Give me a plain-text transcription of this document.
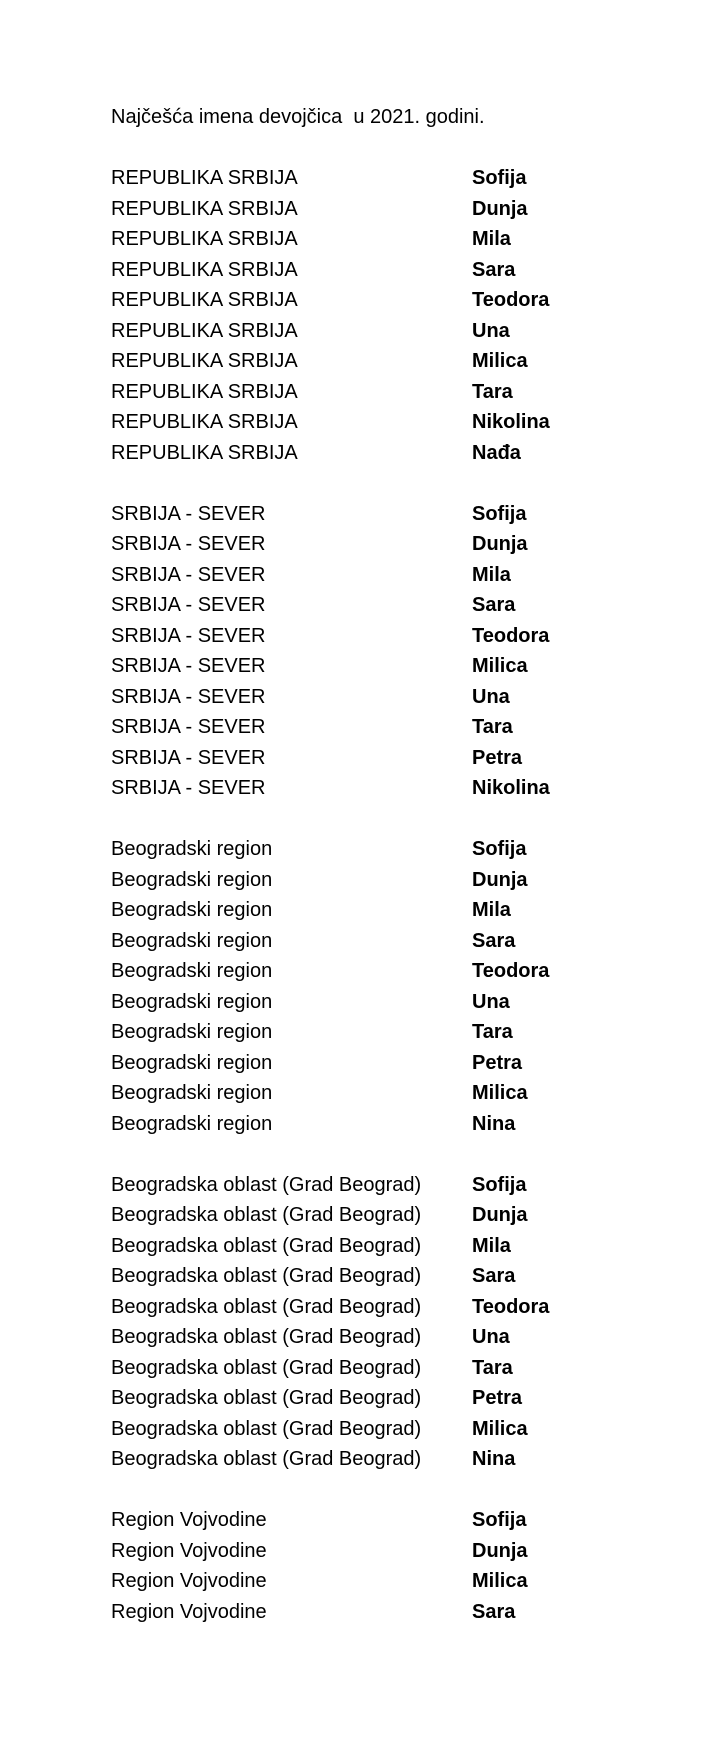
Najčešća imena devojčica  u 2021. godini.
REPUBLIKA SRBIJA	Sofija
REPUBLIKA SRBIJA	Dunja
REPUBLIKA SRBIJA	Mila
REPUBLIKA SRBIJA	Sara
REPUBLIKA SRBIJA	Teodora
REPUBLIKA SRBIJA	Una
REPUBLIKA SRBIJA	Milica
REPUBLIKA SRBIJA	Tara
REPUBLIKA SRBIJA	Nikolina
REPUBLIKA SRBIJA	Nađa
SRBIJA - SEVER	Sofija
SRBIJA - SEVER	Dunja
SRBIJA - SEVER	Mila
SRBIJA - SEVER	Sara
SRBIJA - SEVER	Teodora
SRBIJA - SEVER	Milica
SRBIJA - SEVER	Una
SRBIJA - SEVER	Tara
SRBIJA - SEVER	Petra
SRBIJA - SEVER	Nikolina
Beogradski region	Sofija
Beogradski region	Dunja
Beogradski region	Mila
Beogradski region	Sara
Beogradski region	Teodora
Beogradski region	Una
Beogradski region	Tara
Beogradski region	Petra
Beogradski region	Milica
Beogradski region	Nina
Beogradska oblast (Grad Beograd)	Sofija
Beogradska oblast (Grad Beograd)	Dunja
Beogradska oblast (Grad Beograd)	Mila
Beogradska oblast (Grad Beograd)	Sara
Beogradska oblast (Grad Beograd)	Teodora
Beogradska oblast (Grad Beograd)	Una
Beogradska oblast (Grad Beograd)	Tara
Beogradska oblast (Grad Beograd)	Petra
Beogradska oblast (Grad Beograd)	Milica
Beogradska oblast (Grad Beograd)	Nina
Region Vojvodine	Sofija
Region Vojvodine	Dunja
Region Vojvodine	Milica
Region Vojvodine	Sara
